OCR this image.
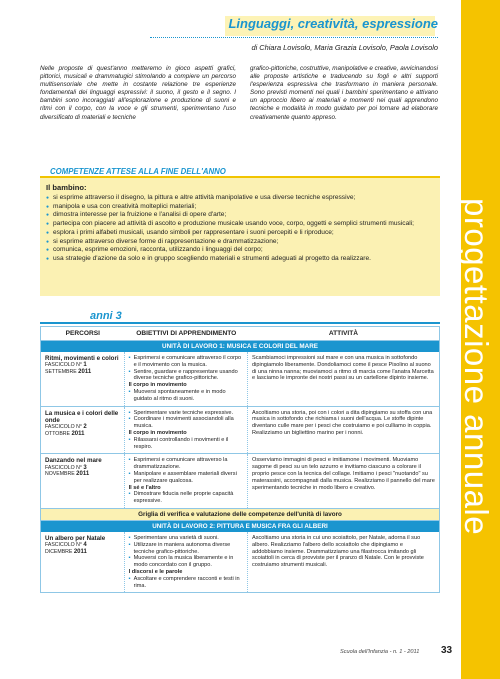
progettazione annuale
Linguaggi, creatività, espressione
di Chiara Lovisolo, Maria Grazia Lovisolo, Paola Lovisolo
Nelle proposte di quest'anno metteremo in gioco aspetti grafici, pittorici, musicali e drammatugici stimolando a compiere un percorso multisensoriale che mette in costante relazione tre esperienze fondamentali dei linguaggi espressivi: il suono, il gesto e il segno. I bambini sono incoraggiati all'esplorazione e produzione di suoni e ritmi con il corpo, con la voce e gli strumenti, sperimentano l'uso diversificato di materiali e tecniche
grafico-pittoriche, costruttive, manipolative e creative, avvicinandosi alle proposte artistiche e traducendo su fogli e altri supporti l'esperienza espressiva che trasformano in maniera personale. Sono previsti momenti nei quali i bambini sperimentano e attivano un approccio libero ai materiali e momenti nei quali apprendono tecniche e modalità in modo guidato per poi tornare ad elaborare creativamente quanto appreso.
COMPETENZE ATTESE ALLA FINE DELL'ANNO
Il bambino:
● si esprime attraverso il disegno, la pittura e altre attività manipolative e usa diverse tecniche espressive;
● manipola e usa con creatività molteplici materiali;
● dimostra interesse per la fruizione e l'analisi di opere d'arte;
● partecipa con piacere ad attività di ascolto e produzione musicale usando voce, corpo, oggetti e semplici strumenti musicali;
● esplora i primi alfabeti musicali, usando simboli per rappresentare i suoni percepiti e li riproduce;
● si esprime attraverso diverse forme di rappresentazione e drammatizzazione;
● comunica, esprime emozioni, racconta, utilizzando i linguaggi del corpo;
● usa strategie d'azione da solo e in gruppo scegliendo materiali e strumenti adeguati al progetto da realizzare.
anni 3
PERCORSI	OBIETTIVI DI APPRENDIMENTO	ATTIVITÀ
UNITÀ DI LAVORO 1: MUSICA E COLORI DEL MARE
Ritmi, movimenti e colori
FASCICOLO N° 1
SETTEMBRE 2011
▪ Esprimersi e comunicare attraverso il corpo e il movimento con la musica.
▪ Sentire, guardare e rappresentare usando diverse tecniche grafico-pittoriche.
Il corpo in movimento
▪ Muoversi spontaneamente e in modo guidato al ritmo di suoni.
Scambiamoci impressioni sul mare e con una musica in sottofondo dipingiamolo liberamente. Dondoliamoci come il pesce Pisolino al suono di una ninna nanna; muoviamoci a ritmo di marcia come l'anatra Marcetta e lasciamo le impronte dei nostri passi su un cartellone dipinto insieme.
La musica e i colori delle onde
FASCICOLO N° 2
OTTOBRE 2011
▪ Sperimentare varie tecniche espressive.
▪ Coordinare i movimenti associandoli alla musica.
Il corpo in movimento
▪ Rilassarsi controllando i movimenti e il respiro.
Ascoltiamo una storia, poi con i colori a dita dipingiamo su stoffa con una musica in sottofondo che richiama i suoni dell'acqua. Le stoffe dipinte diventano culle mare per i pesci che costruiamo e poi culliamo in coppia. Realizziamo un bigliettino marino per i nonni.
Danzando nel mare
FASCICOLO N° 3
NOVEMBRE 2011
▪ Esprimersi e comunicare attraverso la drammatizzazione.
▪ Manipolare e assemblare materiali diversi per realizzare qualcosa.
Il sé e l'altro
▪ Dimostrare fiducia nelle proprie capacità espressive.
Osserviamo immagini di pesci e imitiamone i movimenti. Muoviamo sagome di pesci su un telo azzurro e invitiamo ciascuno a colorare il proprio pesce con la tecnica del collage. Imitiamo i pesci "nuotando" su materassini, accompagnati dalla musica. Realizziamo il pannello del mare sperimentando tecniche in modo libero e creativo.
Griglia di verifica e valutazione delle competenze dell'unità di lavoro
UNITÀ DI LAVORO 2: PITTURA E MUSICA FRA GLI ALBERI
Un albero per Natale
FASCICOLO N° 4
DICEMBRE 2011
▪ Sperimentare una varietà di suoni.
▪ Utilizzare in maniera autonoma diverse tecniche grafico-pittoriche.
▪ Muoversi con la musica liberamente e in modo concordato con il gruppo.
I discorsi e le parole
▪ Ascoltare e comprendere racconti e testi in rima.
Ascoltiamo una storia in cui uno scoiattolo, per Natale, adorna il suo albero. Realizziamo l'albero dello scoiattolo che dipingiamo e addobbiamo insieme. Drammatizziamo una filastrocca imitando gli scoiattoli in cerca di provviste per il pranzo di Natale. Con le provviste costruiamo strumenti musicali.
Scuola dell'Infanzia - n. 1 - 2011 33
